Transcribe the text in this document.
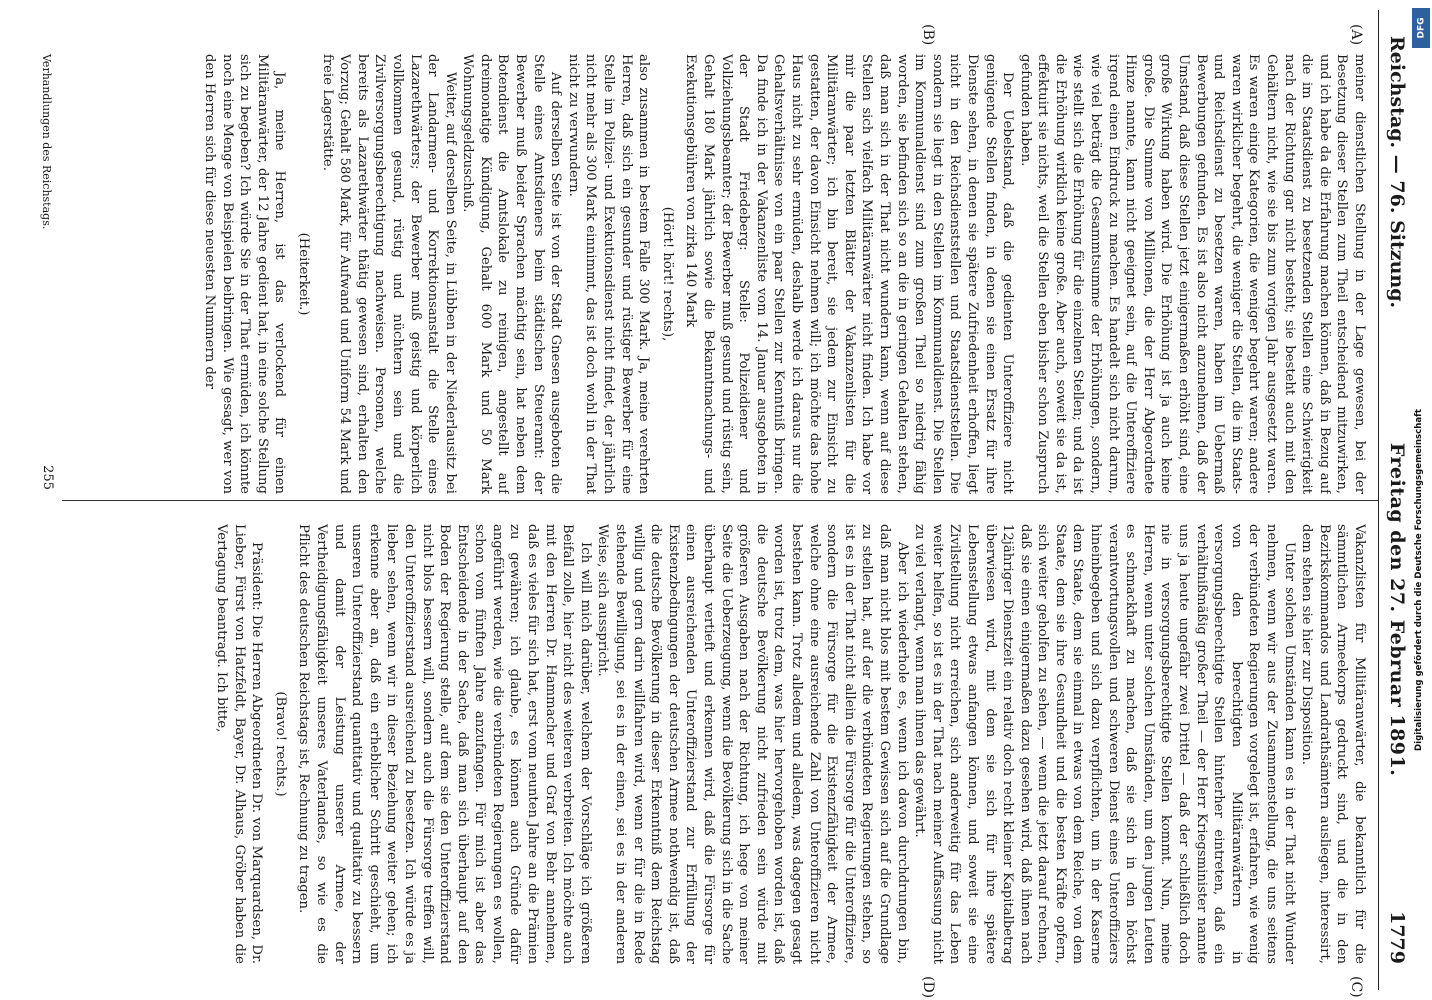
Reichstag. — 76. Sitzung.
Freitag den 27. Februar 1891.
1779
(A)
(B)
(C)
(D)

meiner dienstlichen Stellung in der Lage gewesen, bei der Besetzung dieser Stellen zum Theil entscheidend mitzuwirken, und ich habe da die Erfahrung machen können, daß in Bezug auf die im Staatsdienst zu besetzenden Stellen eine Schwierigkeit nach der Richtung gar nicht besteht; sie besteht auch mit den Gehältern nicht, wie sie bis zum vorigen Jahr ausgesetzt waren. Es waren einige Kategorien, die weniger begehrt waren; andere waren wirklicher begehrt, die weniger die Stellen, die im Staats- und Reichsdienst zu besetzen waren, haben im Uebermaß Bewerbungen gefunden. Es ist also nicht anzunehmen, daß der Umstand, daß diese Stellen jetzt einigermaßen erhöht sind, eine große Wirkung haben wird. Die Erhöhung ist ja auch keine große. Die Summe von Millionen, die der Herr Abgeordnete Hinze nannte, kann nicht geeignet sein, auf die Unteroffiziere irgend einen Eindruck zu machen. Es handelt sich nicht darum, wie viel beträgt die Gesammtsumme der Erhöhungen, sondern, wie stellt sich die Erhöhung für die einzelnen Stellen; und da ist die Erhöhung wirklich keine große. Aber auch, soweit sie da ist, effektuirt sie nichts, weil die Stellen eben bisher schon Zuspruch gefunden haben.

Der Uebelstand, daß die gedienten Unteroffiziere nicht genügende Stellen finden, in denen sie einen Ersatz für ihre Dienste sehen, in denen sie spätere Zufriedenheit erhoffen, liegt nicht in den Reichsdienststellen und Staatsdienststellen. Die sondern sie liegt in den Stellen im Kommunaldienst. Die Stellen im Kommunaldienst sind zum großen Theil so niedrig fähig worden, sie befinden sich so an die in geringen Gehalten stehen, daß man sich in der That nicht wundern kann, wenn auf diese Stellen sich vielfach Militäranwärter nicht finden. Ich habe vor mir die paar letzten Blätter der Vakanzenlisten für die Militäranwärter; ich bin bereit, sie jedem zur Einsicht zu gestatten, der davon Einsicht nehmen will; ich möchte das hohe Haus nicht zu sehr ermüden, deshalb werde ich daraus nur die Gehaltsverhältnisse von ein paar Stellen zur Kenntniß bringen. Da finde ich in der Vakanzenliste vom 14. Januar ausgeboten in der Stadt Friedeberg: Stelle: Polizeidiener und Vollziehungsbeamter; der Bewerber muß gesund und rüstig sein, Gehalt 180 Mark jährlich sowie die Bekanntmachungs- und Exekutionsgebühren von zirka 140 Mark

(Hört! hört! rechts),

also zusammen in bestem Falle 300 Mark. Ja, meine verehrten Herren, daß sich ein gesunder und rüstiger Bewerber für eine Stelle im Polizei- und Exekutionsdienst nicht findet, der jährlich nicht mehr als 300 Mark einnimmt, das ist doch wohl in der That nicht zu verwundern.

Auf derselben Seite ist von der Stadt Gnesen ausgeboten die Stelle eines Amtsdieners beim städtischen Steueramt: der Bewerber muß beider Sprachen mächtig sein, hat neben dem Botendienst die Amtslokale zu reinigen, angestellt auf dreimonatige Kündigung, Gehalt 600 Mark und 50 Mark Wohnungsgeldzuschuß.

Weiter, auf derselben Seite, in Lübben in der Niederlausitz bei der Landarmen- und Korrektionsanstalt die Stelle eines Lazarethwärters; der Bewerber muß geistig und körperlich vollkommen gesund, rüstig und nüchtern sein und die Zivilversorgungsberechtigung nachweisen. Personen, welche bereits als Lazarethwärter thätig gewesen sind, erhalten den Vorzug; Gehalt 580 Mark, für Aufwand und Uniform 54 Mark und freie Lagerstätte.

(Heiterkeit.)

Ja, meine Herren, ist das verlockend für einen Militäranwärter, der 12 Jahre gedient hat, in eine solche Stellung sich zu begeben? Ich würde Sie in der That ermüden, ich könnte noch eine Menge von Beispielen beibringen. Wie gesagt, wer von den Herren sich für diese neuesten Nummern der

Vakanzlisten für Militäranwärter, die bekanntlich für die sämmtlichen Armeekorps gedruckt sind, und die in den Bezirkskommandos und Landrathsämtern ausliegen, interessirt, dem stehen sie hier zur Disposition.

Unter solchen Umständen kann es in der That nicht Wunder nehmen, wenn wir aus der Zusammenstellung, die uns seitens der verbündeten Regierungen vorgelegt ist, erfahren, wie wenig von den berechtigten Militäranwärtern in versorgungsberechtigte Stellen hinterher eintreten, daß ein verhältnißmäßig großer Theil — der Herr Kriegsminister nannte uns ja heute ungefähr zwei Drittel — daß der schließlich doch nie in versorgungsberechtigte Stellen kommt. Nun, meine Herren, wenn unter solchen Umständen, um den jungen Leuten es schmackhaft zu machen, daß sie sich in den höchst verantwortungsvollen und schweren Dienst eines Unteroffiziers hineinbegeben und sich dazu verpflichten, um in der Kaserne dem Staate, dem sie einmal in etwas von dem Reiche, von dem Staate, dem sie ihre Gesundheit und die besten Kräfte opfern, sich weiter geholfen zu sehen, — wenn die jetzt darauf rechnen, daß sie einen einigermaßen dazu gesehen wird, daß ihnen nach 12jähriger Dienstzeit ein relativ doch recht kleiner Kapitalbetrag überwiesen wird, mit dem sie sich für ihre spätere Lebensstellung etwas anfangen können, und soweit sie eine Zivilstellung nicht erreichen, sich anderweitig für das Leben weiter helfen, so ist es in der That nach meiner Auffassung nicht zu viel verlangt, wenn man ihnen das gewährt.

Aber ich wiederhole es, wenn ich davon durchdrungen bin, daß man nicht blos mit bestem Gewissen sich auf die Grundlage zu stellen hat, auf der die verbündeten Regierungen stehen, so ist es in der That nicht allein die Fürsorge für die Unteroffiziere, sondern die Fürsorge für die Existenzfähigkeit der Armee, welche ohne eine ausreichende Zahl von Unteroffizieren nicht bestehen kann. Trotz alledem und alledem, was dagegen gesagt worden ist, trotz dem, was hier hervorgehoben worden ist, daß die deutsche Bevölkerung nicht zufrieden sein würde mit größeren Ausgaben nach der Richtung, ich hege von meiner Seite die Ueberzeugung, wenn die Bevölkerung sich in die Sache überhaupt vertieft und erkennen wird, daß die Fürsorge für einen ausreichenden Unteroffizierstand zur Erfüllung der Existenzbedingungen der deutschen Armee nothwendig ist, daß die deutsche Bevölkerung in dieser Erkenntniß dem Reichstag willig und gern darin willfahren wird, wenn er für die in Rede stehende Bewilligung, sei es in der einen, sei es in der anderen Weise, sich ausspricht.

Ich will mich darüber, welchem der Vorschläge ich größeren Beifall zolle, hier nicht des weiteren verbreiten. Ich möchte auch mit den Herren Dr. Hammacher und Graf von Behr annehmen, daß es vieles für sich hat, erst vom neunten Jahre an die Prämien zu gewähren; ich glaube, es können auch Gründe dafür angeführt werden, wie die verbündeten Regierungen es wollen, schon vom fünften Jahre anzufangen. Für mich ist aber das Entscheidende in der Sache, daß man sich überhaupt auf den Boden der Regierung stelle, auf dem sie den Unteroffizierstand nicht blos bessern will, sondern auch die Fürsorge treffen will, den Unteroffizierstand ausreichend zu besetzen. Ich würde es ja lieber sehen, wenn wir in dieser Beziehung weiter gehen; ich erkenne aber an, daß ein erheblicher Schritt geschieht, um unseren Unteroffizierstand quantitativ und qualitativ zu bessern und damit der Leistung unserer Armee, der Vertheidigungsfähigkeit unseres Vaterlandes, so wie es die Pflicht des deutschen Reichstags ist, Rechnung zu tragen.

(Bravo! rechts.)

Präsident: Die Herren Abgeordneten Dr. von Marquardsen, Dr. Lieber, Fürst von Hatzfeldt, Bayer, Dr. Alhaus, Gröber haben die Vertagung beantragt. Ich bitte,

255
Verhandlungen des Reichstags.
DFG
Digitalisierung gefördert durch die Deutsche Forschungsgemeinschaft
